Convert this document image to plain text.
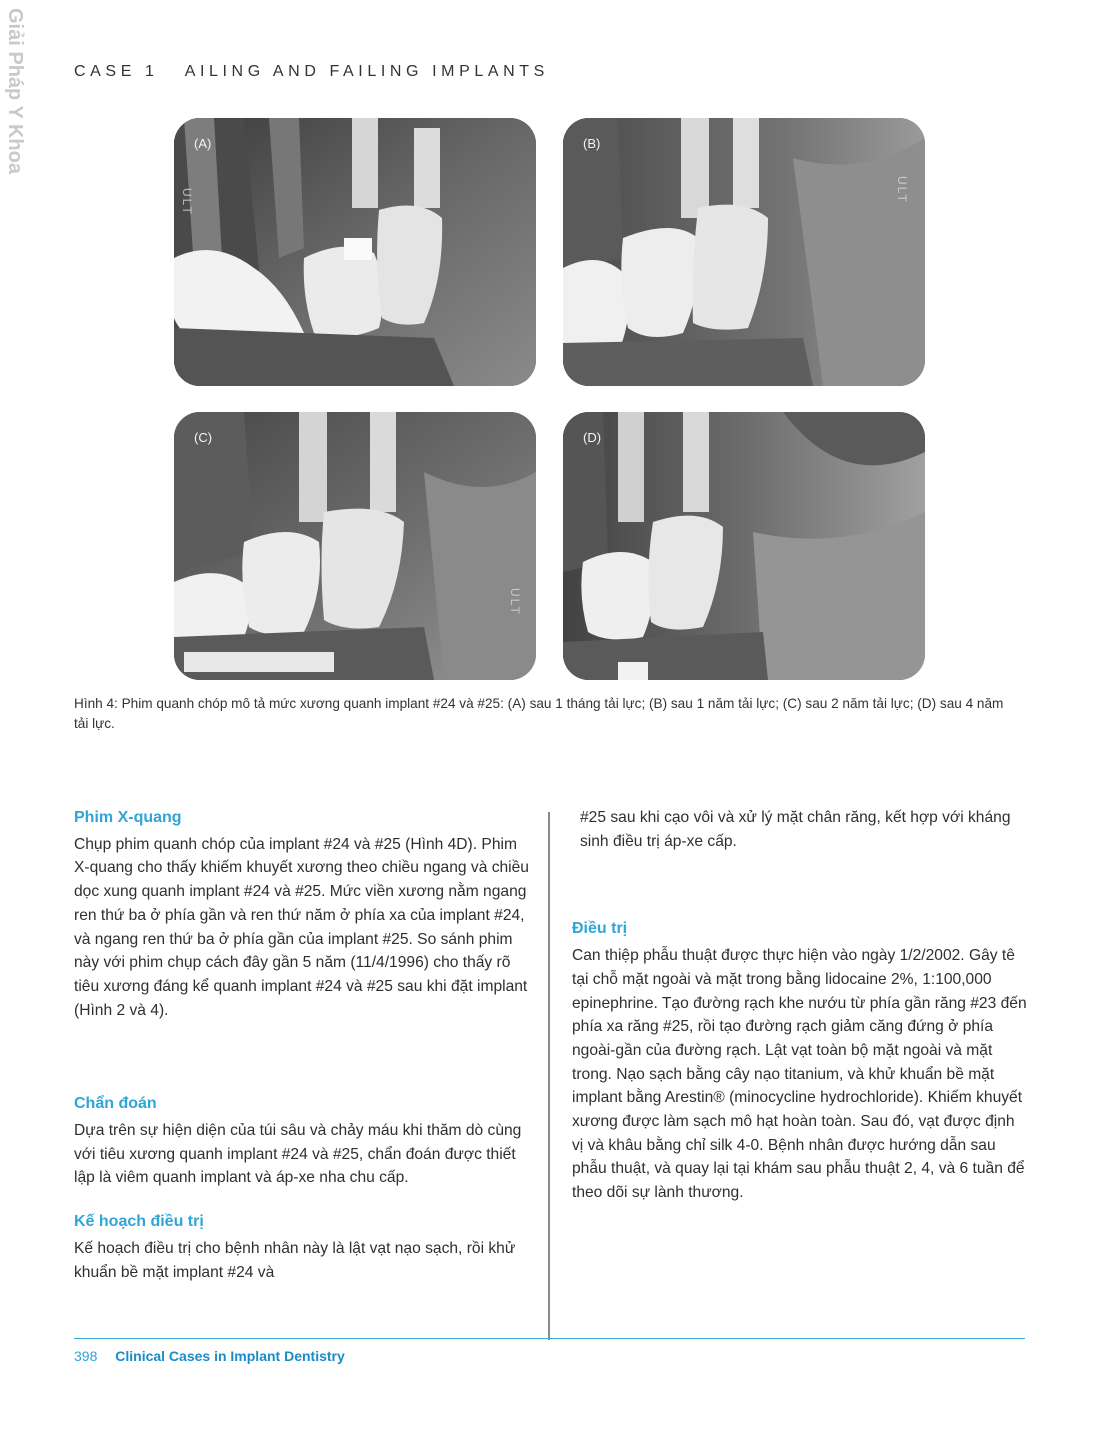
Giải Pháp Y Khoa	CASE 1 AILING AND FAILING IMPLANTS
(A)
ULT
(B)
ULT
(C)
ULT
(D)
Hình 4: Phim quanh chóp mô tả mức xương quanh implant #24 và #25: (A) sau 1 tháng tải lực; (B) sau 1 năm tải lực; (C) sau 2 năm tải lực; (D) sau 4 năm tải lực.
Phim X-quang

Chụp phim quanh chóp của implant #24 và #25 (Hình 4D). Phim X-quang cho thấy khiếm khuyết xương theo chiều ngang và chiều dọc xung quanh implant #24 và #25. Mức viền xương nằm ngang ren thứ ba ở phía gần và ren thứ năm ở phía xa của implant #24, và ngang ren thứ ba ở phía gần của implant #25. So sánh phim này với phim chụp cách đây gần 5 năm (11/4/1996) cho thấy rõ tiêu xương đáng kể quanh implant #24 và #25 sau khi đặt implant (Hình 2 và 4).

Chẩn đoán

Dựa trên sự hiện diện của túi sâu và chảy máu khi thăm dò cùng với tiêu xương quanh implant #24 và #25, chẩn đoán được thiết lập là viêm quanh implant và áp-xe nha chu cấp.

Kế hoạch điều trị

Kế hoạch điều trị cho bệnh nhân này là lật vạt nạo sạch, rồi khử khuẩn bề mặt implant #24 và

#25 sau khi cạo vôi và xử lý mặt chân răng, kết hợp với kháng sinh điều trị áp-xe cấp.

Điều trị

Can thiệp phẫu thuật được thực hiện vào ngày 1/2/2002. Gây tê tại chỗ mặt ngoài và mặt trong bằng lidocaine 2%, 1:100,000 epinephrine. Tạo đường rạch khe nướu từ phía gần răng #23 đến phía xa răng #25, rồi tạo đường rạch giảm căng đứng ở phía ngoài-gần của đường rạch. Lật vạt toàn bộ mặt ngoài và mặt trong. Nạo sạch bằng cây nạo titanium, và khử khuẩn bề mặt implant bằng Arestin® (minocycline hydrochloride). Khiếm khuyết xương được làm sạch mô hạt hoàn toàn. Sau đó, vạt được định vị và khâu bằng chỉ silk 4-0. Bệnh nhân được hướng dẫn sau phẫu thuật, và quay lại tại khám sau phẫu thuật 2, 4, và 6 tuần để theo dõi sự lành thương.

398 Clinical Cases in Implant Dentistry
